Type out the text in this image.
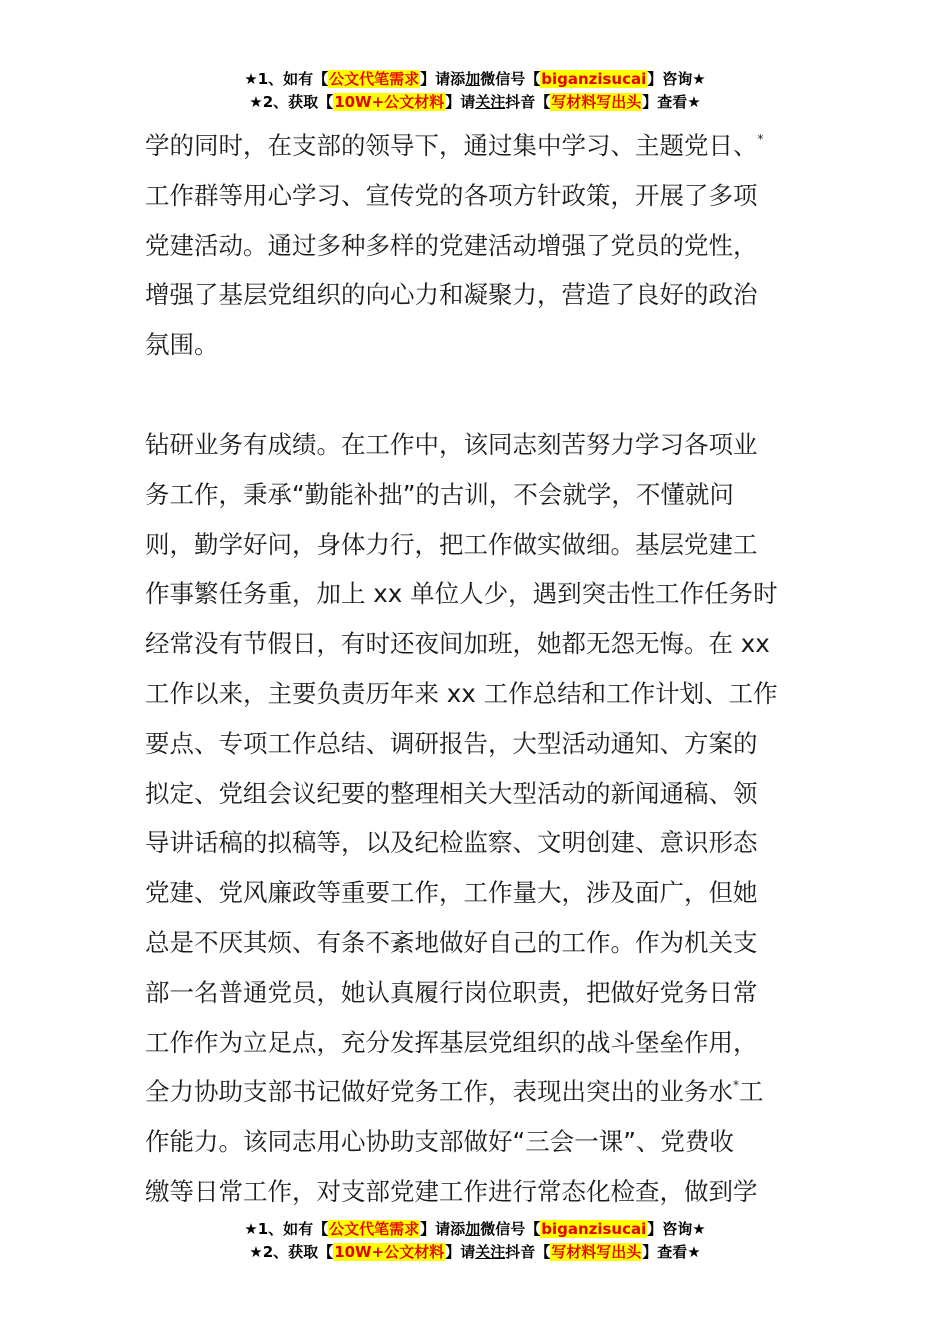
★1、如有【公文代笔需求】请添加微信号【biganzisucai】咨询★
★2、获取【10W+公文材料】请关注抖音【写材料写出头】查看★

学的同时，在支部的领导下，通过集中学习、主题党日、*
工作群等用心学习、宣传党的各项方针政策，开展了多项
党建活动。通过多种多样的党建活动增强了党员的党性，
增强了基层党组织的向心力和凝聚力，营造了良好的政治
氛围。

钻研业务有成绩。在工作中，该同志刻苦努力学习各项业
务工作，秉承“勤能补拙”的古训，不会就学，不懂就问
则，勤学好问，身体力行，把工作做实做细。基层党建工
作事繁任务重，加上 xx 单位人少，遇到突击性工作任务时
经常没有节假日，有时还夜间加班，她都无怨无悔。在 xx
工作以来，主要负责历年来 xx 工作总结和工作计划、工作
要点、专项工作总结、调研报告，大型活动通知、方案的
拟定、党组会议纪要的整理相关大型活动的新闻通稿、领
导讲话稿的拟稿等，以及纪检监察、文明创建、意识形态
党建、党风廉政等重要工作，工作量大，涉及面广，但她
总是不厌其烦、有条不紊地做好自己的工作。作为机关支
部一名普通党员，她认真履行岗位职责，把做好党务日常
工作作为立足点，充分发挥基层党组织的战斗堡垒作用，
全力协助支部书记做好党务工作，表现出突出的业务水*工
作能力。该同志用心协助支部做好“三会一课”、党费收
缴等日常工作，对支部党建工作进行常态化检查，做到学

★1、如有【公文代笔需求】请添加微信号【biganzisucai】咨询★
★2、获取【10W+公文材料】请关注抖音【写材料写出头】查看★
